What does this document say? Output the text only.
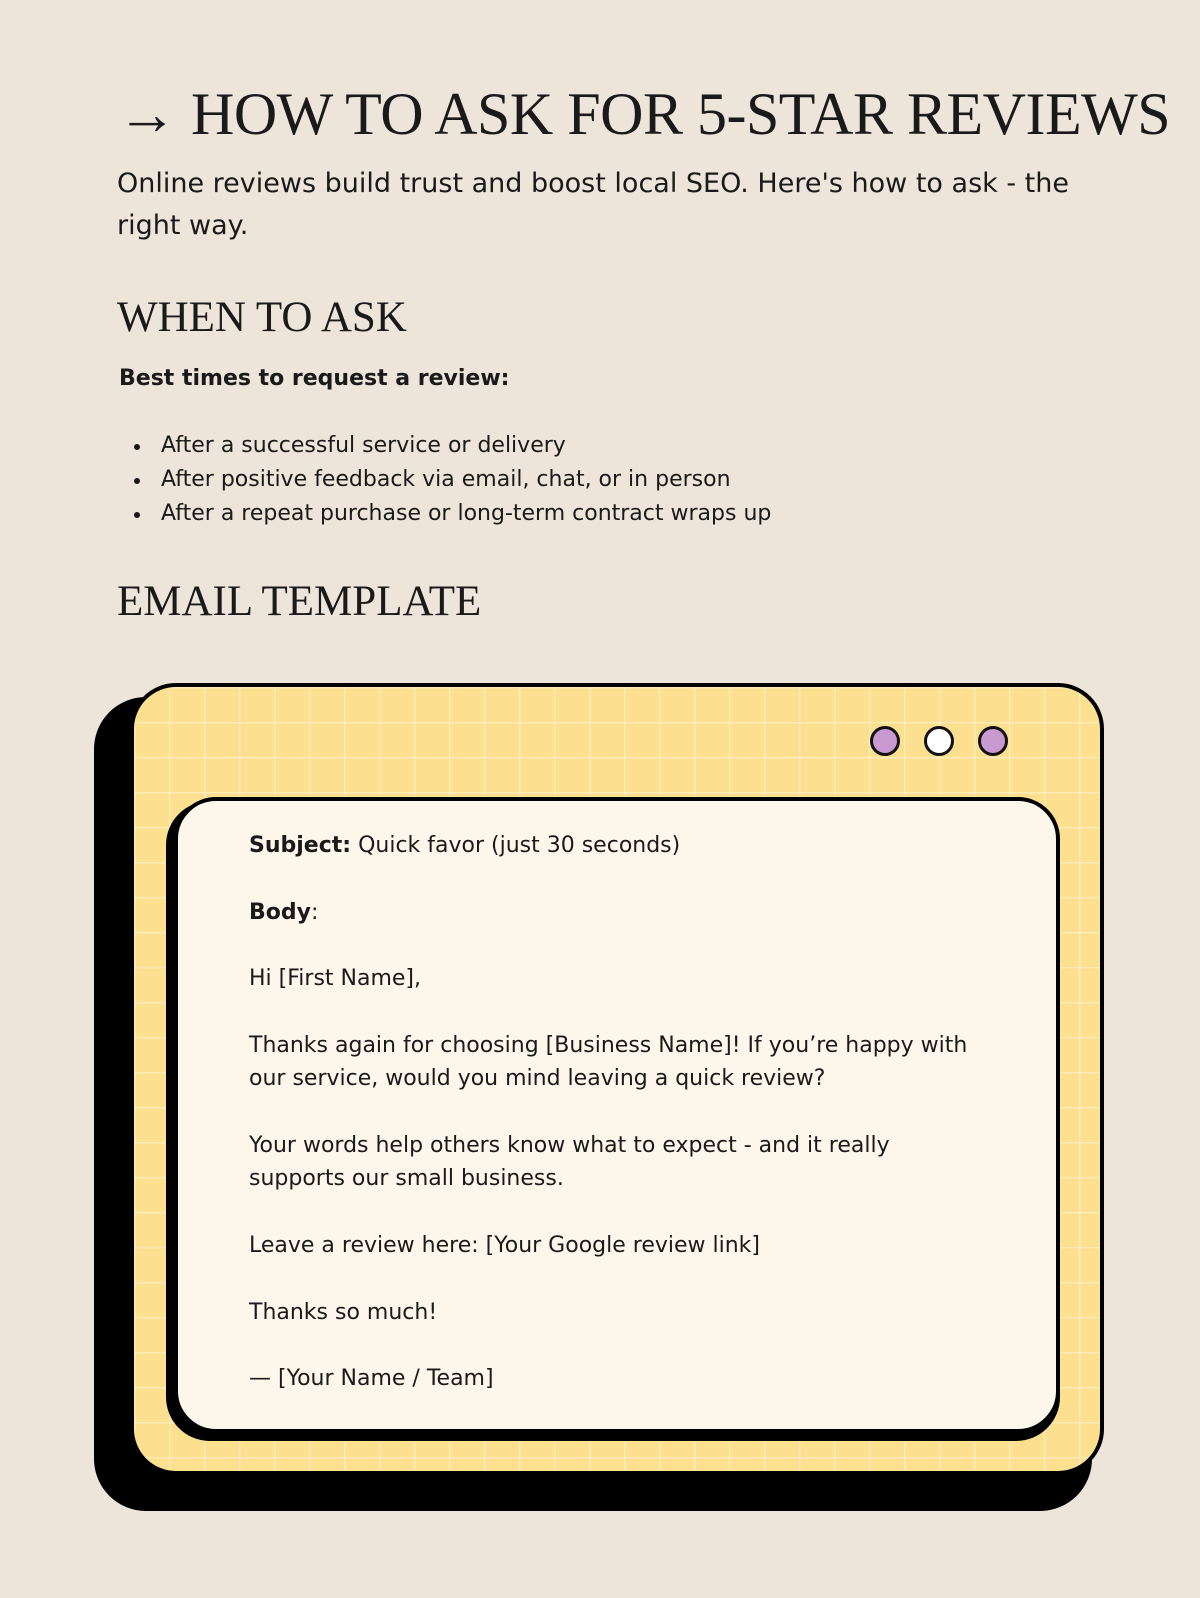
→ HOW TO ASK FOR 5-STAR REVIEWS

Online reviews build trust and boost local SEO. Here's how to ask - the right way.

WHEN TO ASK

Best times to request a review:

After a successful service or delivery
After positive feedback via email, chat, or in person
After a repeat purchase or long-term contract wraps up
EMAIL TEMPLATE

Subject: Quick favor (just 30 seconds)

Body:

Hi [First Name],

Thanks again for choosing [Business Name]! If you’re happy with

our service, would you mind leaving a quick review?

Your words help others know what to expect - and it really

supports our small business.

Leave a review here: [Your Google review link]

Thanks so much!

— [Your Name / Team]
